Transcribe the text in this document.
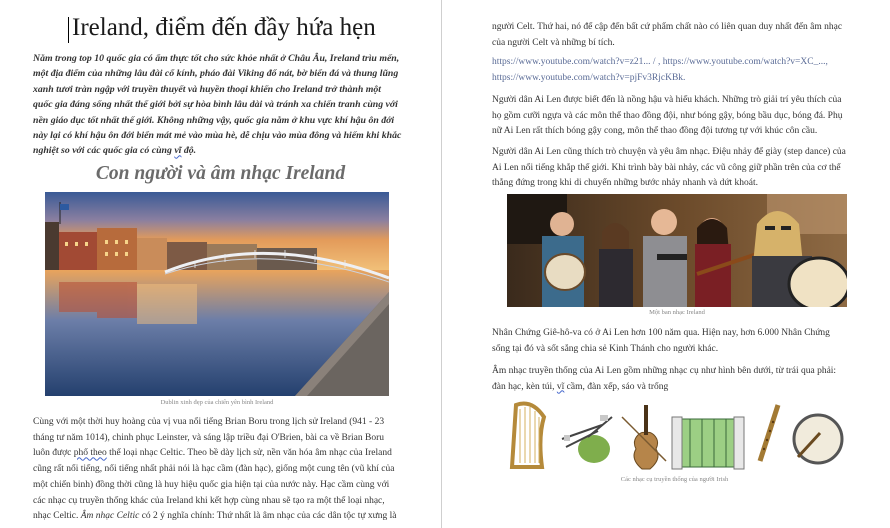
Ireland, điểm đến đầy hứa hẹn

Nằm trong top 10 quốc gia có ẩm thực tốt cho sức khỏe nhất ở Châu Âu, Ireland trìu mến, một địa điểm của những lâu đài cổ kính, pháo đài Viking đổ nát, bờ biển đá và thung lũng xanh tươi tràn ngập với truyền thuyết và huyền thoại khiến cho Ireland trở thành một quốc gia đáng sống nhất thế giới bởi sự hòa bình lâu dài và tránh xa chiến tranh cùng với nền giáo dục tốt nhất thế giới. Không những vậy, quốc gia nằm ở khu vực khí hậu ôn đới này lại có khí hậu ôn đới biển mát mẻ vào mùa hè, dễ chịu vào mùa đông và hiếm khi khắc nghiệt so với các quốc gia có cùng vĩ độ.

Con người và âm nhạc Ireland
Dublin xinh đẹp của chiến yên bình Ireland

Cùng với một thời huy hoàng của vị vua nổi tiếng Brian Boru trong lịch sử Ireland (941 - 23 tháng tư năm 1014), chinh phục Leinster, và sáng lập triều đại O'Brien, bài ca về Brian Boru luôn được phổ theo thể loại nhạc Celtic. Theo bề dày lịch sử, nền văn hóa âm nhạc của Ireland cũng rất nổi tiếng, nổi tiếng nhất phải nói là hạc cầm (đàn hạc), giống một cung tên (vũ khí của một chiến binh) đồng thời cũng là huy hiệu quốc gia hiện tại của nước này. Hạc cầm cùng với các nhạc cụ truyền thống khác của Ireland khi kết hợp cùng nhau sẽ tạo ra một thể loại nhạc, nhạc Celtic. Âm nhạc Celtic có 2 ý nghĩa chính: Thứ nhất là âm nhạc của các dân tộc tự xưng là

người Celt. Thứ hai, nó để cập đến bất cứ phẩm chất nào có liên quan duy nhất đến âm nhạc của người Celt và những bí tích.

https://www.youtube.com/watch?v=z21... / , https://www.youtube.com/watch?v=XC_..., https://www.youtube.com/watch?v=pjFv3RjcKBk.

Người dân Ai Len được biết đến là nồng hậu và hiếu khách. Những trò giải trí yêu thích của họ gồm cưỡi ngựa và các môn thể thao đồng đội, như bóng gậy, bóng bầu dục, bóng đá. Phụ nữ Ai Len rất thích bóng gậy cong, môn thể thao đồng đội tương tự với khúc côn cầu.

Người dân Ai Len cũng thích trò chuyện và yêu âm nhạc. Điệu nhảy để giày (step dance) của Ai Len nổi tiếng khắp thế giới. Khi trình bày bài nhảy, các vũ công giữ phần trên của cơ thể thẳng đứng trong khi di chuyển những bước nhảy nhanh và dứt khoát.

Một ban nhạc Ireland

Nhân Chứng Giê-hô-va có ở Ai Len hơn 100 năm qua. Hiện nay, hơn 6.000 Nhân Chứng sống tại đó và sốt sắng chia sẻ Kinh Thánh cho người khác.

Âm nhạc truyền thống của Ai Len gồm những nhạc cụ như hình bên dưới, từ trái qua phải: đàn hạc, kèn túi, vĩ cầm, đàn xếp, sáo và trống

Các nhạc cụ truyền thống của người Irish
